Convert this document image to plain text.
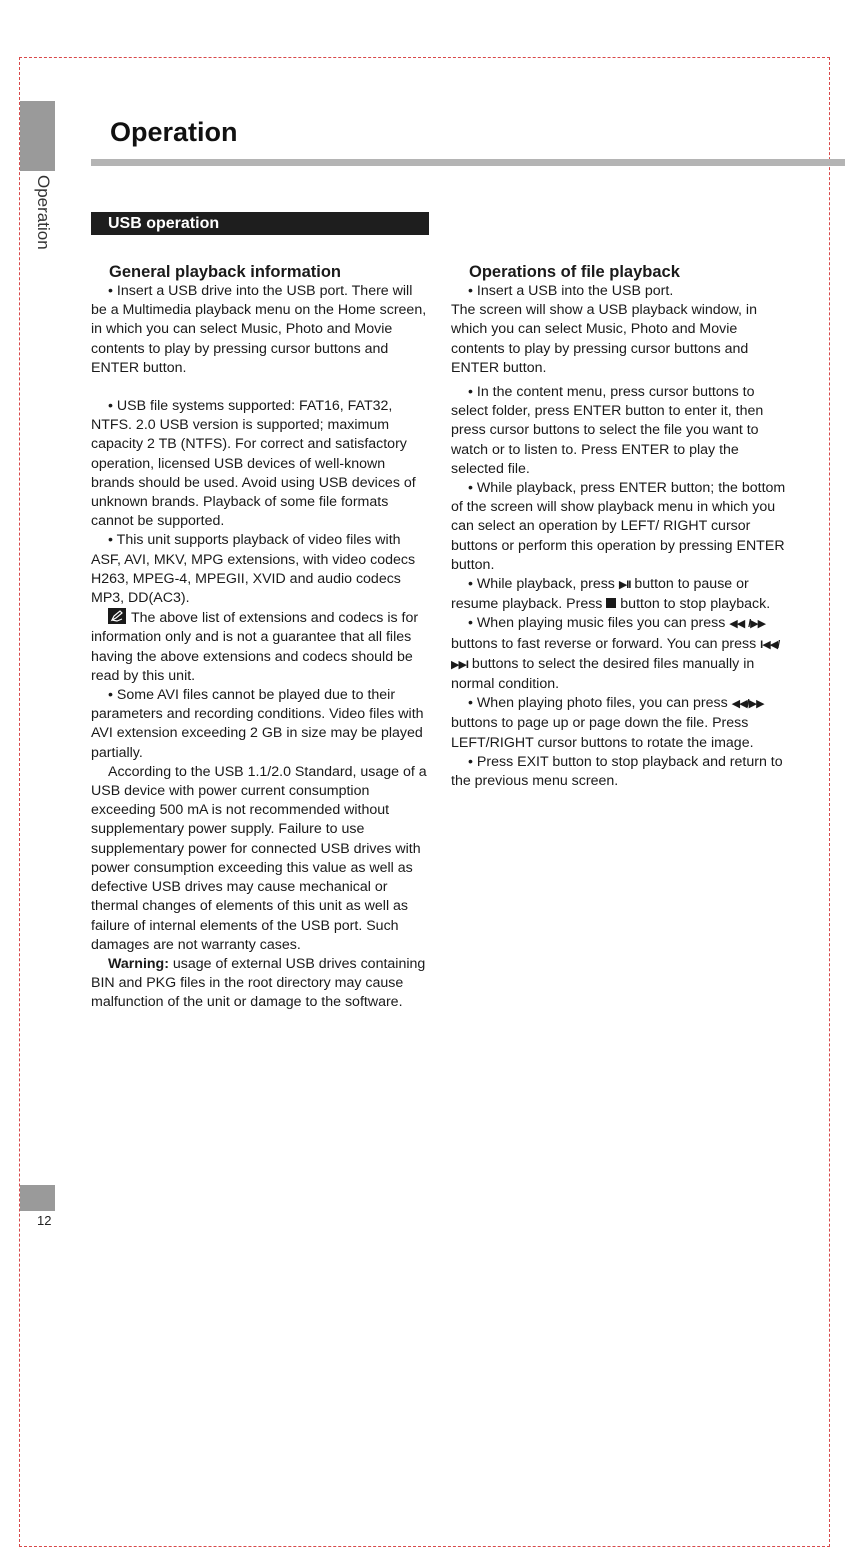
Operation
12
Operation
USB operation
General playback information

• Insert a USB drive into the USB port. There will be a Multimedia playback menu on the Home screen, in which you can select Music, Photo and Movie contents to play by pressing cursor buttons and ENTER button.

• USB file systems supported: FAT16, FAT32, NTFS. 2.0 USB version is supported; maximum capacity 2 TB (NTFS). For correct and satisfactory operation, licensed USB devices of well-known brands should be used. Avoid using USB devices of unknown brands. Playback of some file formats cannot be supported.

• This unit supports playback of video files with ASF, AVI, MKV, MPG extensions, with video codecs H263, MPEG-4, MPEGII, XVID and audio codecs MP3, DD(AC3).

The above list of extensions and codecs is for information only and is not a guarantee that all files having the above extensions and codecs should be read by this unit.

• Some AVI files cannot be played due to their parameters and recording conditions. Video files with AVI extension exceeding 2 GB in size may be played partially.

According to the USB 1.1/2.0 Standard, usage of a USB device with power current consumption exceeding 500 mA is not recommended without supplementary power supply. Failure to use supplementary power for connected USB drives with power consumption exceeding this value as well as defective USB drives may cause mechanical or thermal changes of elements of this unit as well as failure of internal elements of the USB port. Such damages are not warranty cases.

Warning: usage of external USB drives containing BIN and PKG files in the root directory may cause malfunction of the unit or damage to the software.

Operations of file playback

• Insert a USB into the USB port.

The screen will show a USB playback window, in which you can select Music, Photo and Movie contents to play by pressing cursor buttons and ENTER button.

• In the content menu, press cursor buttons to select folder, press ENTER button to enter it, then press cursor buttons to select the file you want to watch or to listen to. Press ENTER to play the selected file.

• While playback, press ENTER button; the bottom of the screen will show playback menu in which you can select an operation by LEFT/ RIGHT cursor buttons or perform this operation by pressing ENTER button.

• While playback, press ▶II button to pause or resume playback. Press  button to stop playback.

• When playing music files you can press ◀◀ /▶▶ buttons to fast reverse or forward. You can press I◀◀/▶▶I buttons to select the desired files manually in normal condition.

• When playing photo files, you can press ◀◀/▶▶ buttons to page up or page down the file. Press LEFT/RIGHT cursor buttons to rotate the image.

• Press EXIT button to stop playback and return to the previous menu screen.
